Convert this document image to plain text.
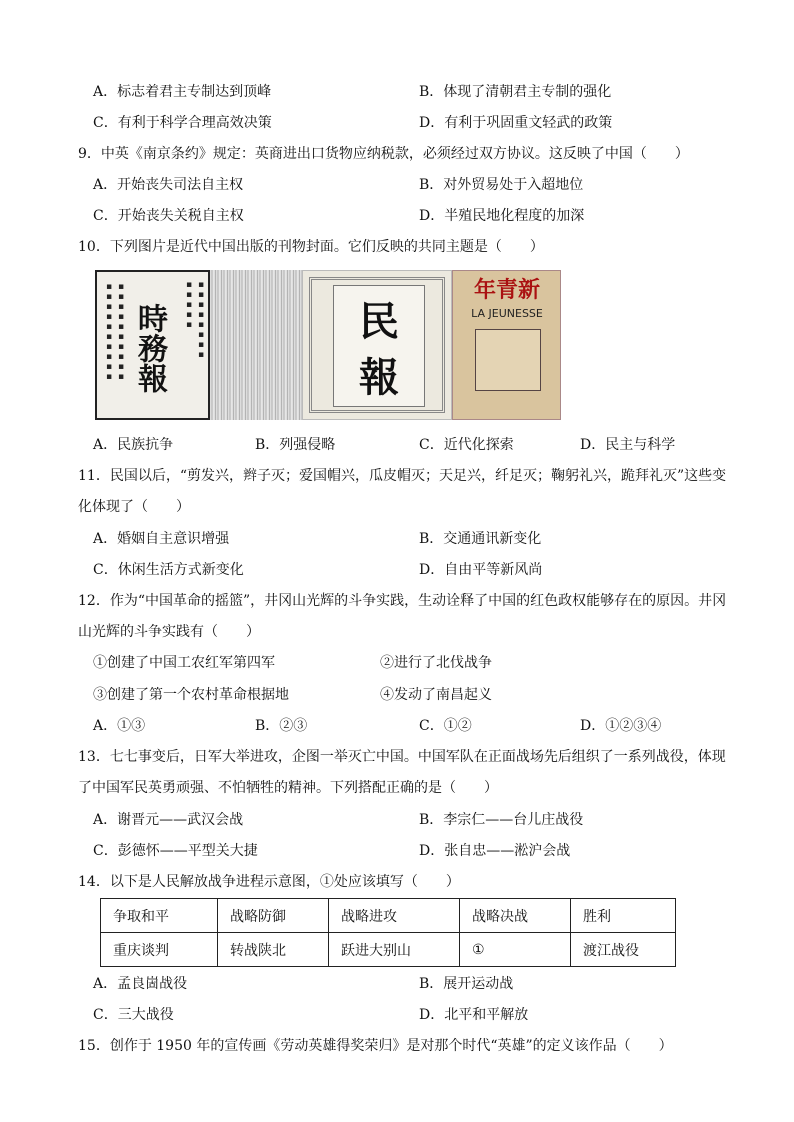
A．标志着君主专制达到顶峰	B．体现了清朝君主专制的强化
C．有利于科学合理高效决策	D．有利于巩固重文轻武的政策
9．中英《南京条约》规定：英商进出口货物应纳税款，必须经过双方协议。这反映了中国（　　）
A．开始丧失司法自主权	B．对外贸易处于入超地位
C．开始丧失关税自主权	D．半殖民地化程度的加深
10．下列图片是近代中国出版的刊物封面。它们反映的共同主题是（　　）
▪▪▪▪▪▪▪▪▪▪ ▪▪▪▪▪▪▪▪▪▪ 時務報	▪▪▪▪▪ ▪▪▪▪▪▪▪▪	民
報
年青新
LA JEUNESSE
A．民族抗争	B．列强侵略	C．近代化探索	D．民主与科学
11．民国以后，“剪发兴，辫子灭；爱国帽兴，瓜皮帽灭；天足兴，纤足灭；鞠躬礼兴，跪拜礼灭”这些变
化体现了（　　）
A．婚姻自主意识增强	B．交通通讯新变化
C．休闲生活方式新变化	D．自由平等新风尚
12．作为“中国革命的摇篮”，井冈山光辉的斗争实践，生动诠释了中国的红色政权能够存在的原因。井冈
山光辉的斗争实践有（　　）
①创建了中国工农红军第四军	②进行了北伐战争
③创建了第一个农村革命根据地	④发动了南昌起义
A．①③	B．②③	C．①②	D．①②③④
13．七七事变后，日军大举进攻，企图一举灭亡中国。中国军队在正面战场先后组织了一系列战役，体现
了中国军民英勇顽强、不怕牺牲的精神。下列搭配正确的是（　　）
A．谢晋元——武汉会战	B．李宗仁——台儿庄战役
C．彭德怀——平型关大捷	D．张自忠——淞沪会战
14．以下是人民解放战争进程示意图，①处应该填写（　　）
争取和平	战略防御	战略进攻	战略决战	胜利
重庆谈判	转战陕北	跃进大别山	①	渡江战役
A．孟良崮战役	B．展开运动战
C．三大战役	D．北平和平解放
15．创作于 1950 年的宣传画《劳动英雄得奖荣归》是对那个时代“英雄”的定义该作品（　　）
